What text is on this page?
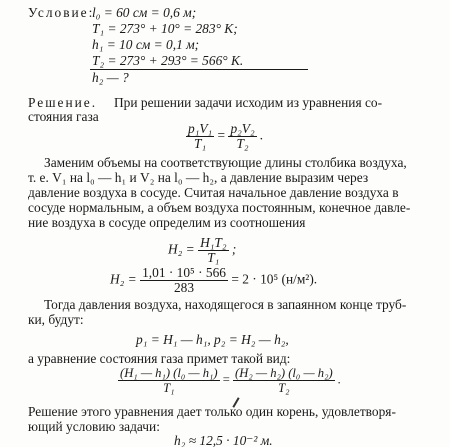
Условие:
l₀ = 60 см = 0,6 м;
T₁ = 273° + 10° = 283° K;
h₁ = 10 см = 0,1 м;
T₂ = 273° + 293° = 566° K.
h₂ — ?
Решение. При решении задачи исходим из уравнения со-
стояния газа
$\frac{\text{p₁V₁}}{\text{T₁}} = \frac{\text{p₂V₂}}{\text{T₂}}$ .
Заменим объемы на соответствующие длины столбика воздуха,
т. е. V₁ на l₀ — h₁ и V₂ на l₀ — h₂, а давление выразим через
давление воздуха в сосуде. Считая начальное давление воздуха в
сосуде нормальным, а объем воздуха постоянным, конечное давле-
ние воздуха в сосуде определим из соотношения
$H_2 = \frac{\text{H₁T₂}}{\text{T₁}}$ ;
$H_2 = \frac{\text{1,01 · 10⁵ · 566}}{283} = 2 \cdot 10^5$ (н/м²).
Тогда давления воздуха, находящегося в запаянном конце труб-
ки, будут:
p₁ = H₁ — h₁, p₂ = H₂ — h₂,
а уравнение состояния газа примет такой вид:
$\frac{\text{(H₁ — h₁) (l₀ — h₁)}}{\text{T₁}} = \frac{\text{(H₂ — h₂) (l₀ — h₂)}}{\text{T₂}}$ .
Решение этого уравнения дает только один корень, удовлетворя-
ющий условию задачи:
h₂ ≈ 12,5 · 10⁻² м.
